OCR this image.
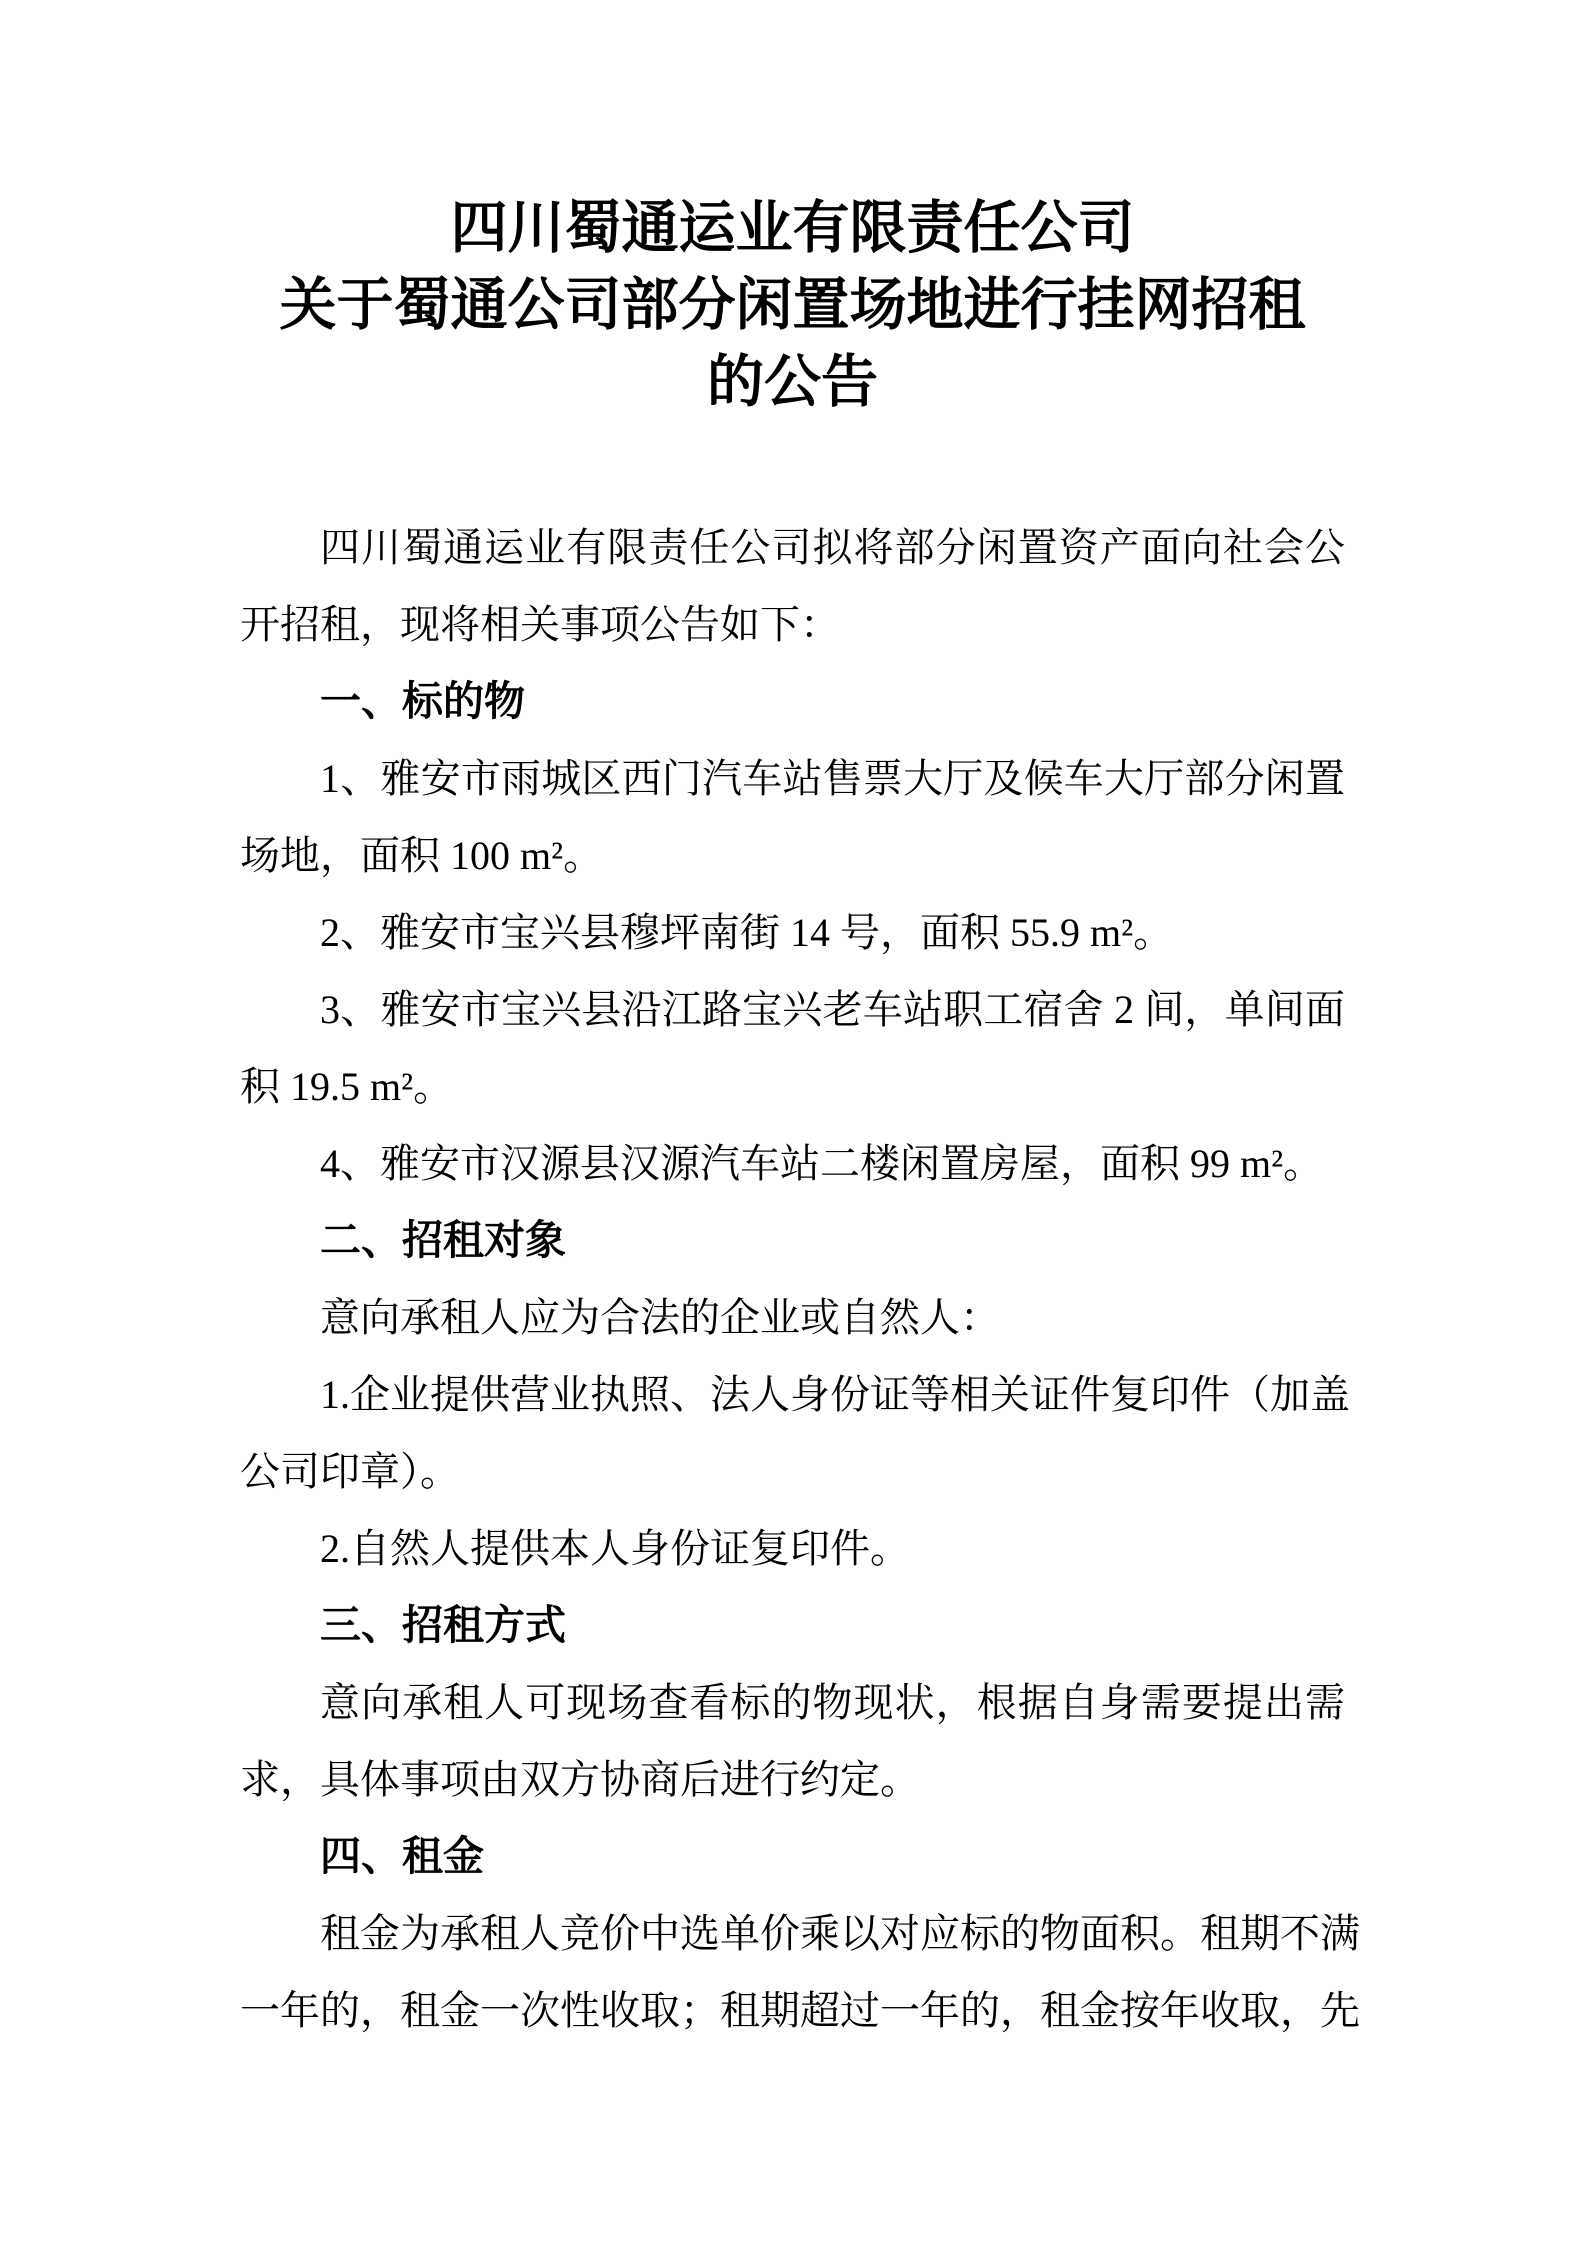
四川蜀通运业有限责任公司
关于蜀通公司部分闲置场地进行挂网招租
的公告
四川蜀通运业有限责任公司拟将部分闲置资产面向社会公
开招租，现将相关事项公告如下：
一、标的物
1、雅安市雨城区西门汽车站售票大厅及候车大厅部分闲置
场地，面积 100 m²。
2、雅安市宝兴县穆坪南街 14 号，面积 55.9 m²。
3、雅安市宝兴县沿江路宝兴老车站职工宿舍 2 间，单间面
积 19.5 m²。
4、雅安市汉源县汉源汽车站二楼闲置房屋，面积 99 m²。
二、招租对象
意向承租人应为合法的企业或自然人：
1.企业提供营业执照、法人身份证等相关证件复印件（加盖
公司印章）。
2.自然人提供本人身份证复印件。
三、招租方式
意向承租人可现场查看标的物现状，根据自身需要提出需
求，具体事项由双方协商后进行约定。
四、租金
租金为承租人竞价中选单价乘以对应标的物面积。租期不满
一年的，租金一次性收取；租期超过一年的，租金按年收取，先
